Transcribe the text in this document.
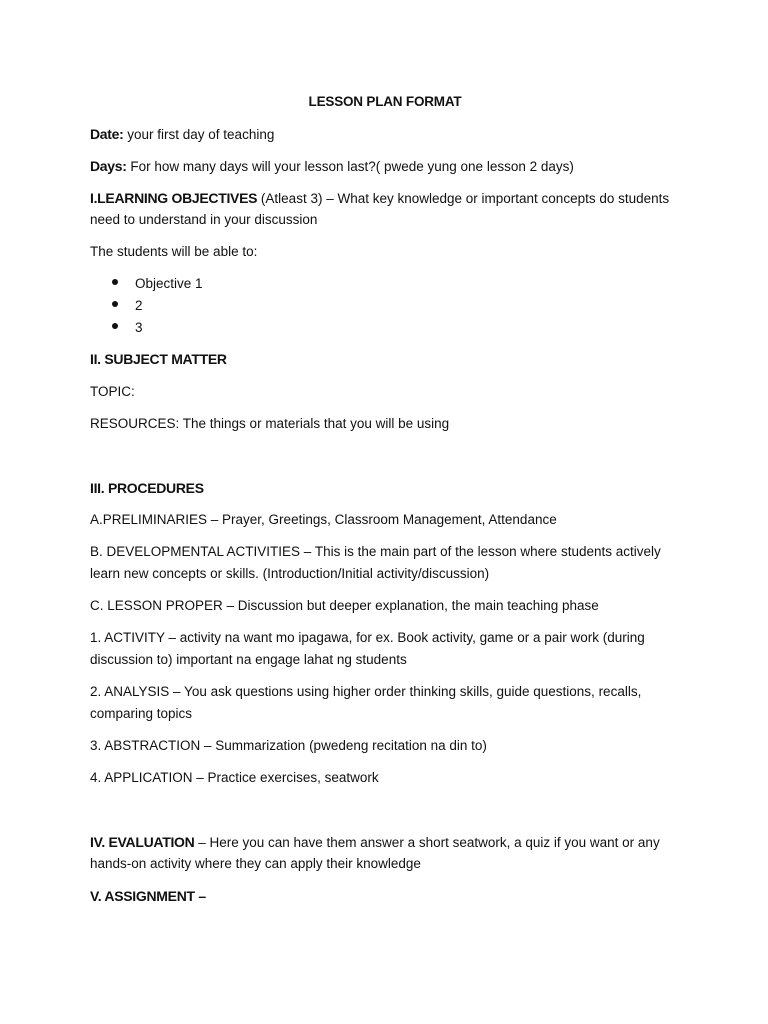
LESSON PLAN FORMAT
Date: your first day of teaching
Days: For how many days will your lesson last?( pwede yung one lesson 2 days)
I.LEARNING OBJECTIVES (Atleast 3) – What key knowledge or important concepts do students
need to understand in your discussion
The students will be able to:
Objective 1
2
3
II. SUBJECT MATTER
TOPIC:
RESOURCES: The things or materials that you will be using
III. PROCEDURES
A.PRELIMINARIES – Prayer, Greetings, Classroom Management, Attendance
B. DEVELOPMENTAL ACTIVITIES – This is the main part of the lesson where students actively
learn new concepts or skills. (Introduction/Initial activity/discussion)
C. LESSON PROPER – Discussion but deeper explanation, the main teaching phase
1. ACTIVITY – activity na want mo ipagawa, for ex. Book activity, game or a pair work (during
discussion to) important na engage lahat ng students
2. ANALYSIS – You ask questions using higher order thinking skills, guide questions, recalls,
comparing topics
3. ABSTRACTION – Summarization (pwedeng recitation na din to)
4. APPLICATION – Practice exercises, seatwork
IV. EVALUATION – Here you can have them answer a short seatwork, a quiz if you want or any
hands-on activity where they can apply their knowledge
V. ASSIGNMENT –
